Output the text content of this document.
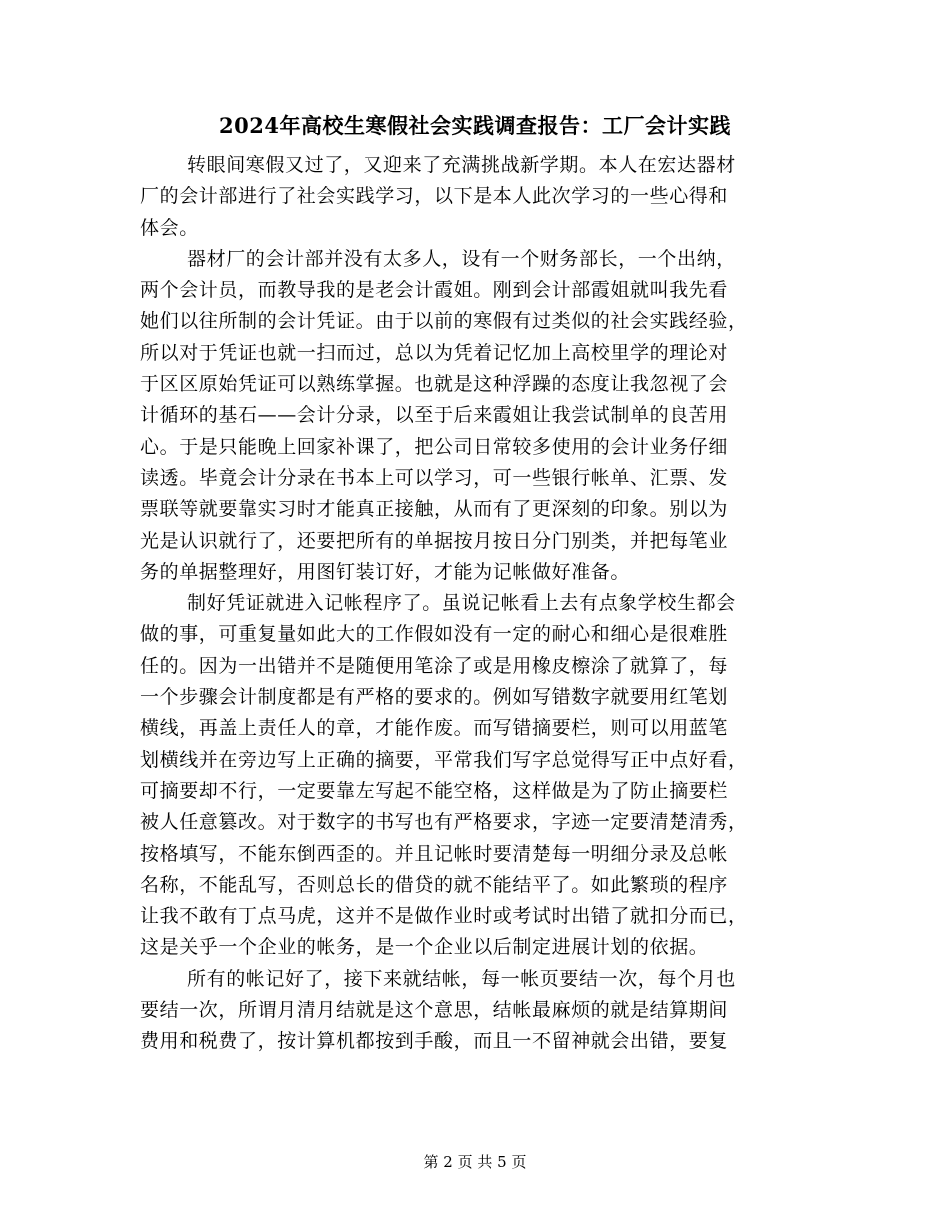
2024年高校生寒假社会实践调查报告：工厂会计实践
转眼间寒假又过了，又迎来了充满挑战新学期。本人在宏达器材
厂的会计部进行了社会实践学习，以下是本人此次学习的一些心得和
体会。
器材厂的会计部并没有太多人，设有一个财务部长，一个出纳，
两个会计员，而教导我的是老会计霞姐。刚到会计部霞姐就叫我先看
她们以往所制的会计凭证。由于以前的寒假有过类似的社会实践经验，
所以对于凭证也就一扫而过，总以为凭着记忆加上高校里学的理论对
于区区原始凭证可以熟练掌握。也就是这种浮躁的态度让我忽视了会
计循环的基石——会计分录，以至于后来霞姐让我尝试制单的良苦用
心。于是只能晚上回家补课了，把公司日常较多使用的会计业务仔细
读透。毕竟会计分录在书本上可以学习，可一些银行帐单、汇票、发
票联等就要靠实习时才能真正接触，从而有了更深刻的印象。别以为
光是认识就行了，还要把所有的单据按月按日分门别类，并把每笔业
务的单据整理好，用图钉装订好，才能为记帐做好准备。
制好凭证就进入记帐程序了。虽说记帐看上去有点象学校生都会
做的事，可重复量如此大的工作假如没有一定的耐心和细心是很难胜
任的。因为一出错并不是随便用笔涂了或是用橡皮檫涂了就算了，每
一个步骤会计制度都是有严格的要求的。例如写错数字就要用红笔划
横线，再盖上责任人的章，才能作废。而写错摘要栏，则可以用蓝笔
划横线并在旁边写上正确的摘要，平常我们写字总觉得写正中点好看，
可摘要却不行，一定要靠左写起不能空格，这样做是为了防止摘要栏
被人任意篡改。对于数字的书写也有严格要求，字迹一定要清楚清秀，
按格填写，不能东倒西歪的。并且记帐时要清楚每一明细分录及总帐
名称，不能乱写，否则总长的借贷的就不能结平了。如此繁琐的程序
让我不敢有丁点马虎，这并不是做作业时或考试时出错了就扣分而已，
这是关乎一个企业的帐务，是一个企业以后制定进展计划的依据。
所有的帐记好了，接下来就结帐，每一帐页要结一次，每个月也
要结一次，所谓月清月结就是这个意思，结帐最麻烦的就是结算期间
费用和税费了，按计算机都按到手酸，而且一不留神就会出错，要复
第 2 页 共 5 页
